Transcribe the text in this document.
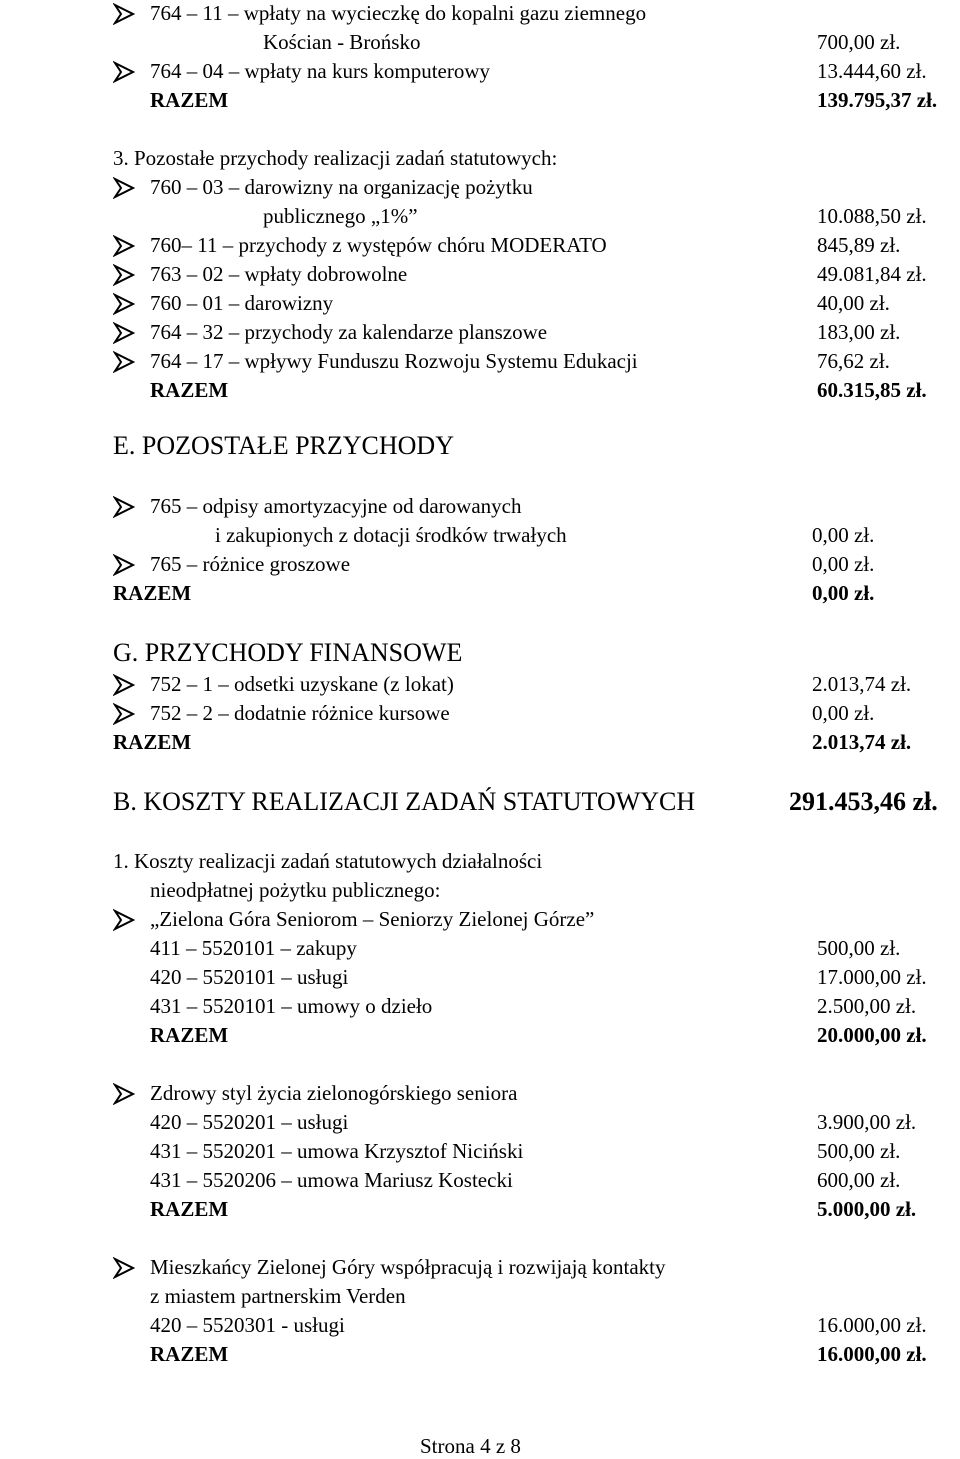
764 – 11 – wpłaty na wycieczkę do kopalni gazu ziemnego
Kościan - Brońsko	700,00 zł.
764 – 04 – wpłaty na kurs komputerowy	13.444,60 zł.
RAZEM	139.795,37 zł.
3. Pozostałe przychody realizacji zadań statutowych:
760 – 03 – darowizny na organizację pożytku
publicznego „1%”	10.088,50 zł.
760– 11 – przychody z występów chóru MODERATO	845,89 zł.
763 – 02 – wpłaty dobrowolne	49.081,84 zł.
760 – 01 – darowizny	40,00 zł.
764 – 32 – przychody za kalendarze planszowe	183,00 zł.
764 – 17 – wpływy Funduszu Rozwoju Systemu Edukacji	76,62 zł.
RAZEM	60.315,85 zł.
E. POZOSTAŁE PRZYCHODY
765 – odpisy amortyzacyjne od darowanych
i zakupionych z dotacji środków trwałych	0,00 zł.
765 – różnice groszowe	0,00 zł.
RAZEM	0,00 zł.
G. PRZYCHODY FINANSOWE
752 – 1 – odsetki uzyskane (z lokat)	2.013,74 zł.
752 – 2 – dodatnie różnice kursowe	0,00 zł.
RAZEM	2.013,74 zł.
B. KOSZTY REALIZACJI ZADAŃ STATUTOWYCH	291.453,46 zł.
1. Koszty realizacji zadań statutowych działalności
nieodpłatnej pożytku publicznego:
„Zielona Góra Seniorom – Seniorzy Zielonej Górze”
411 – 5520101 – zakupy	500,00 zł.
420 – 5520101 – usługi	17.000,00 zł.
431 – 5520101 – umowy o dzieło	2.500,00 zł.
RAZEM	20.000,00 zł.
Zdrowy styl życia zielonogórskiego seniora
420 – 5520201 – usługi	3.900,00 zł.
431 – 5520201 – umowa Krzysztof Niciński	500,00 zł.
431 – 5520206 – umowa Mariusz Kostecki	600,00 zł.
RAZEM	5.000,00 zł.
Mieszkańcy Zielonej Góry współpracują i rozwijają kontakty
z miastem partnerskim Verden
420 – 5520301 - usługi	16.000,00 zł.
RAZEM	16.000,00 zł.
Strona 4 z 8
